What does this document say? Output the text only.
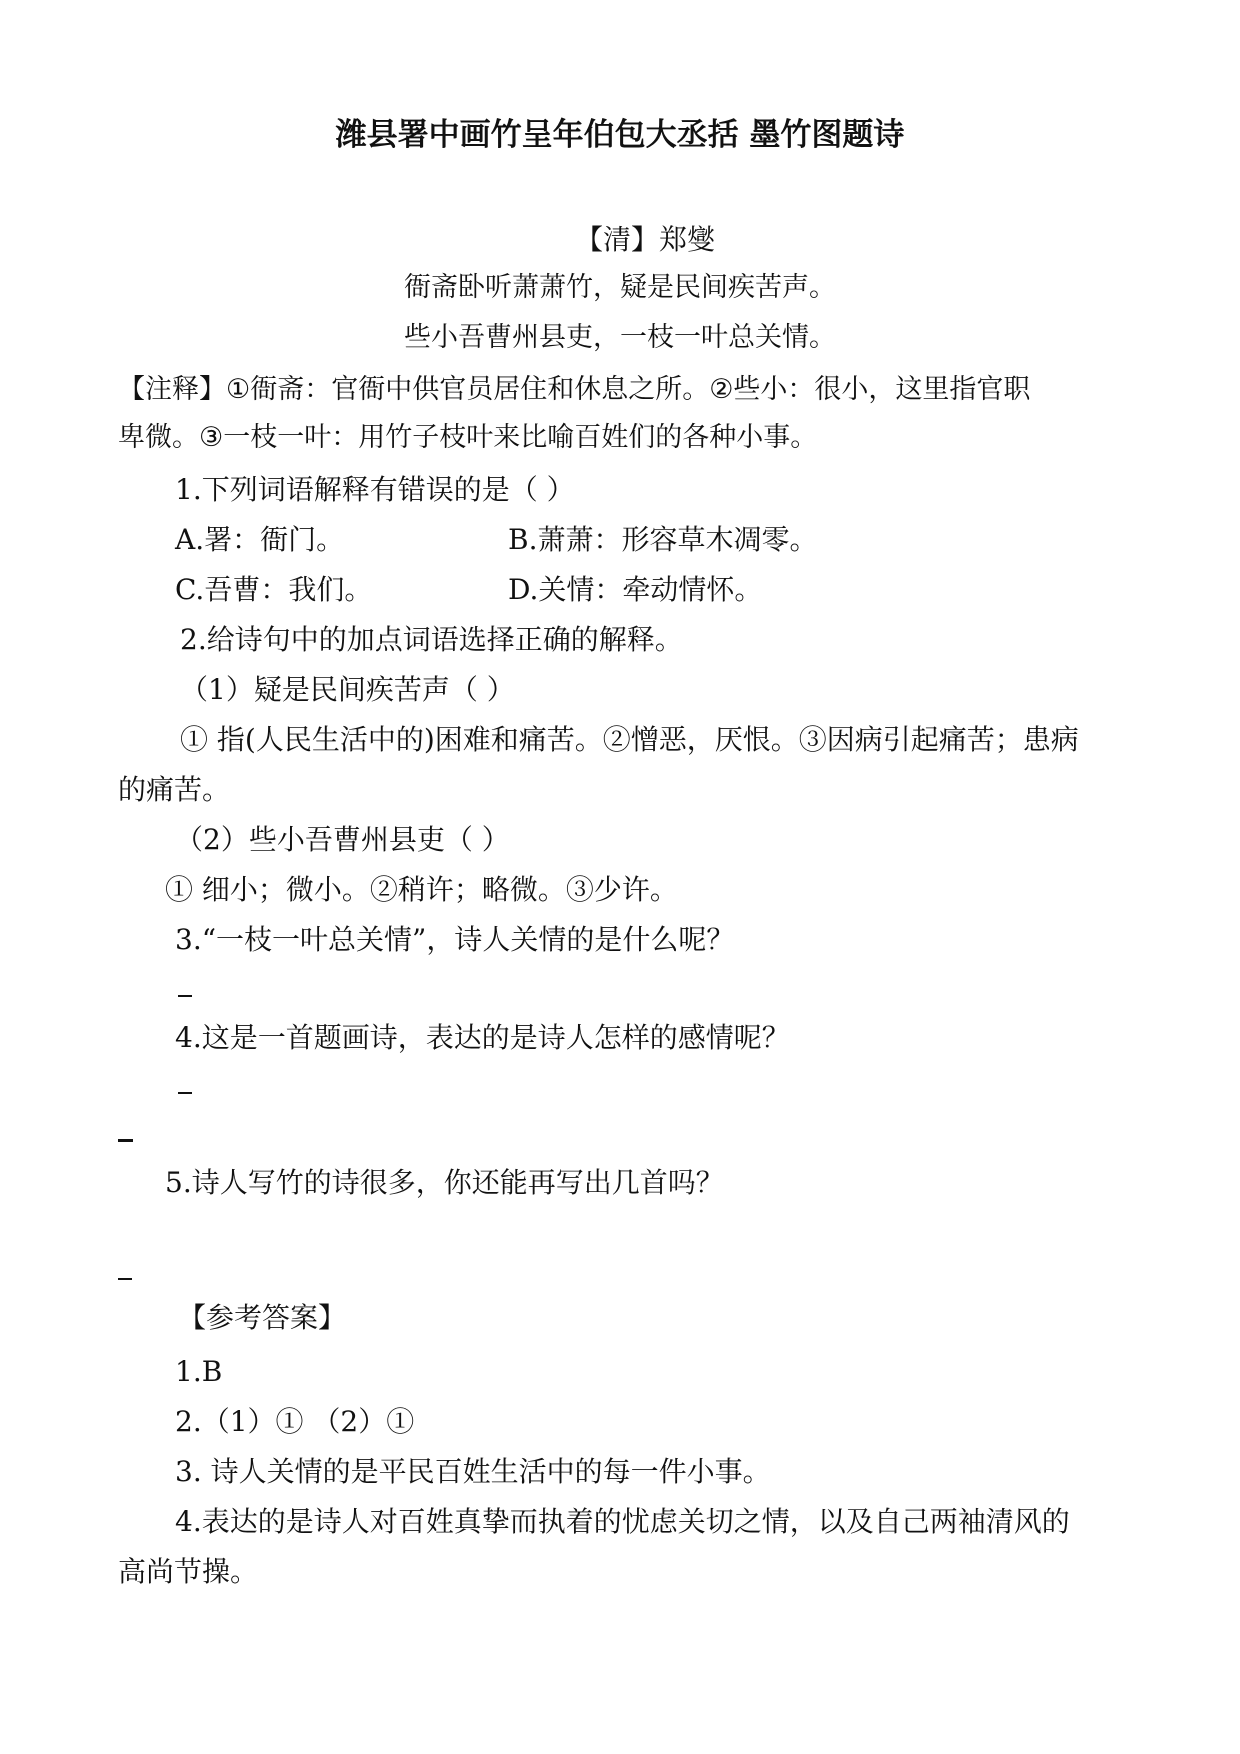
潍县署中画竹呈年伯包大丞括 墨竹图题诗
【清】郑燮
衙斋卧听萧萧竹，疑是民间疾苦声。
些小吾曹州县吏，一枝一叶总关情。
【注释】①衙斋：官衙中供官员居住和休息之所。②些小：很小，这里指官职
卑微。③一枝一叶：用竹子枝叶来比喻百姓们的各种小事。
1.下列词语解释有错误的是（ ）
A.署：衙门。	B.萧萧：形容草木凋零。
C.吾曹：我们。	D.关情：牵动情怀。
2.给诗句中的加点词语选择正确的解释。
（1）疑是民间疾苦声（ ）
① 指(人民生活中的)困难和痛苦。②憎恶，厌恨。③因病引起痛苦；患病
的痛苦。
（2）些小吾曹州县吏（ ）
① 细小；微小。②稍许；略微。③少许。
3.“一枝一叶总关情”，诗人关情的是什么呢？
4.这是一首题画诗，表达的是诗人怎样的感情呢？
5.诗人写竹的诗很多，你还能再写出几首吗？
【参考答案】
1.B
2.（1）① （2）①
3. 诗人关情的是平民百姓生活中的每一件小事。
4.表达的是诗人对百姓真挚而执着的忧虑关切之情，以及自己两袖清风的
高尚节操。
